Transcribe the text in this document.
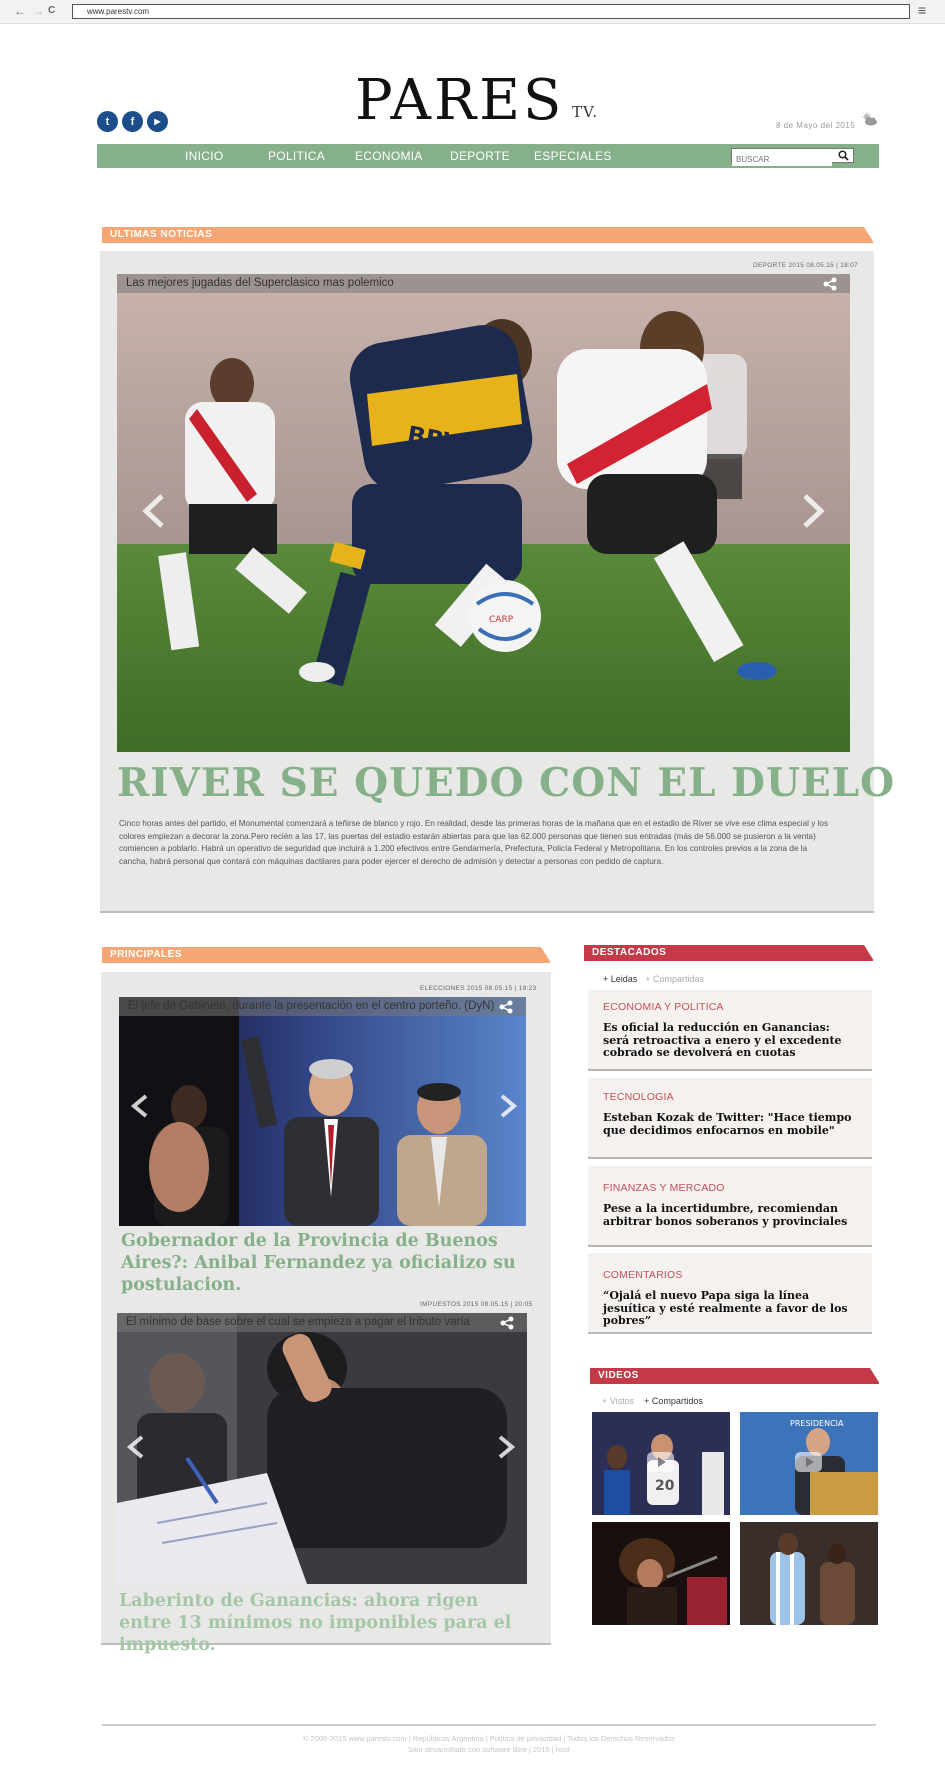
← → C	www.parestv.com	≡
t	f	▶	PARES TV.
8 de Mayo del 2015
INICIO	POLITICA ECONOMIA DEPORTE ESPECIALES
BUSCAR
ULTIMAS NOTICIAS
DEPORTE 2015 08.05.15 | 18:07
BBVA
CARP
Las mejores jugadas del Superclasico mas polemico
RIVER SE QUEDO CON EL DUELO
Cinco horas antes del partido, el Monumental comenzará a teñirse de blanco y rojo. En realidad, desde las primeras horas de la mañana que en el estadio de River se vive ese clima especial y los colores empiezan a decorar la zona.Pero recién a las 17, las puertas del estadio estarán abiertas para que las 62.000 personas que tienen sus entradas (más de 56.000 se pusieron a la venta) comiencen a poblarlo. Habrá un operativo de seguridad que incluirá a 1.200 efectivos entre Gendarmería, Prefectura, Policía Federal y Metropolitana. En los controles previos a la zona de la cancha, habrá personal que contará con máquinas dactilares para poder ejercer el derecho de admisión y detectar a personas con pedido de captura.
PRINCIPALES
ELECCIONES 2015 08.05.15 | 19:23
El jefe de Gabinete, durante la presentación en el centro porteño. (DyN)
Gobernador de la Provincia de Buenos Aires?: Anibal Fernandez ya oficializo su postulacion.
IMPUESTOS 2015 08.05.15 | 20:05
El mínimo de base sobre el cual se empieza a pagar el tributo varía
Laberinto de Ganancias: ahora rigen entre 13 mínimos no imponibles para el impuesto.
DESTACADOS
+ Leidas + Compartidas
ECONOMIA Y POLITICA
Es oficial la reducción en Ganancias: será retroactiva a enero y el excedente cobrado se devolverá en cuotas
TECNOLOGIA
Esteban Kozak de Twitter: "Hace tiempo que decidimos enfocarnos en mobile"
FINANZAS Y MERCADO
Pese a la incertidumbre, recomiendan arbitrar bonos soberanos y provinciales
COMENTARIOS
“Ojalá el nuevo Papa siga la línea jesuítica y esté realmente a favor de los pobres”
VIDEOS
+ Vistos + Compartidos
20
PRESIDENCIA
© 2006-2015 www.parestv.com | Repúblicas Argentina | Política de privacidad | Todos los Derechos Reservados
Sitio desarrollado con software libre | 2015 | host
